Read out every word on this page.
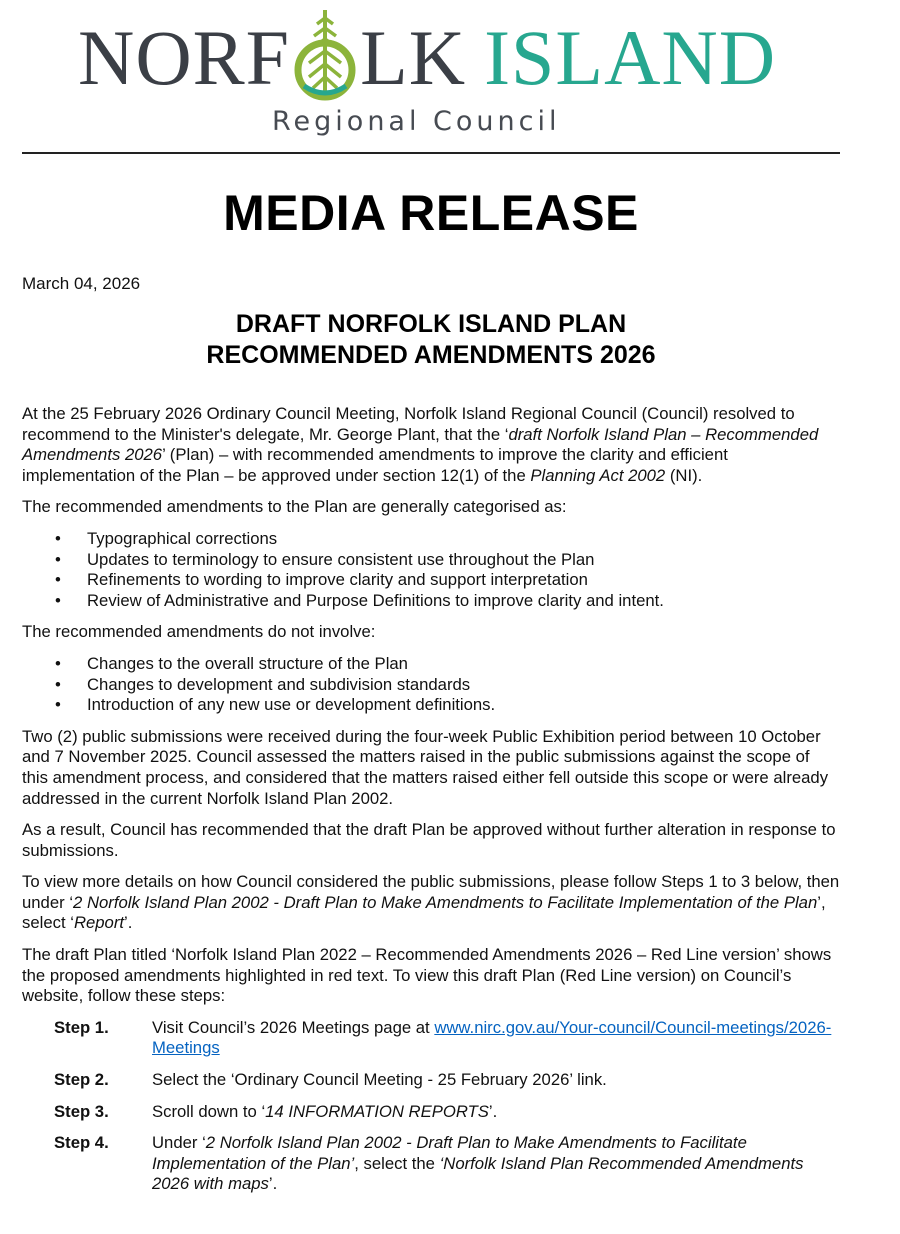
NORF LK ISLAND
Regional Council
MEDIA RELEASE
March 04, 2026
DRAFT NORFOLK ISLAND PLAN
RECOMMENDED AMENDMENTS 2026

At the 25 February 2026 Ordinary Council Meeting, Norfolk Island Regional Council (Council) resolved to recommend to the Minister's delegate, Mr. George Plant, that the ‘draft Norfolk Island Plan – Recommended Amendments 2026’ (Plan) – with recommended amendments to improve the clarity and efficient implementation of the Plan – be approved under section 12(1) of the Planning Act 2002 (NI).

The recommended amendments to the Plan are generally categorised as:

• Typographical corrections
• Updates to terminology to ensure consistent use throughout the Plan
• Refinements to wording to improve clarity and support interpretation
• Review of Administrative and Purpose Definitions to improve clarity and intent.

The recommended amendments do not involve:

• Changes to the overall structure of the Plan
• Changes to development and subdivision standards
• Introduction of any new use or development definitions.

Two (2) public submissions were received during the four-week Public Exhibition period between 10 October and 7 November 2025. Council assessed the matters raised in the public submissions against the scope of this amendment process, and considered that the matters raised either fell outside this scope or were already addressed in the current Norfolk Island Plan 2002.

As a result, Council has recommended that the draft Plan be approved without further alteration in response to submissions.

To view more details on how Council considered the public submissions, please follow Steps 1 to 3 below, then under ‘2 Norfolk Island Plan 2002 - Draft Plan to Make Amendments to Facilitate Implementation of the Plan’, select ‘Report’.

The draft Plan titled ‘Norfolk Island Plan 2022 – Recommended Amendments 2026 – Red Line version’ shows the proposed amendments highlighted in red text. To view this draft Plan (Red Line version) on Council’s website, follow these steps:

Step 1.	Visit Council’s 2026 Meetings page at www.nirc.gov.au/Your-council/Council-meetings/2026-Meetings
Step 2.	Select the ‘Ordinary Council Meeting - 25 February 2026’ link.
Step 3.	Scroll down to ‘14 INFORMATION REPORTS’.
Step 4.	Under ‘2 Norfolk Island Plan 2002 - Draft Plan to Make Amendments to Facilitate Implementation of the Plan’, select the ‘Norfolk Island Plan Recommended Amendments 2026 with maps’.
